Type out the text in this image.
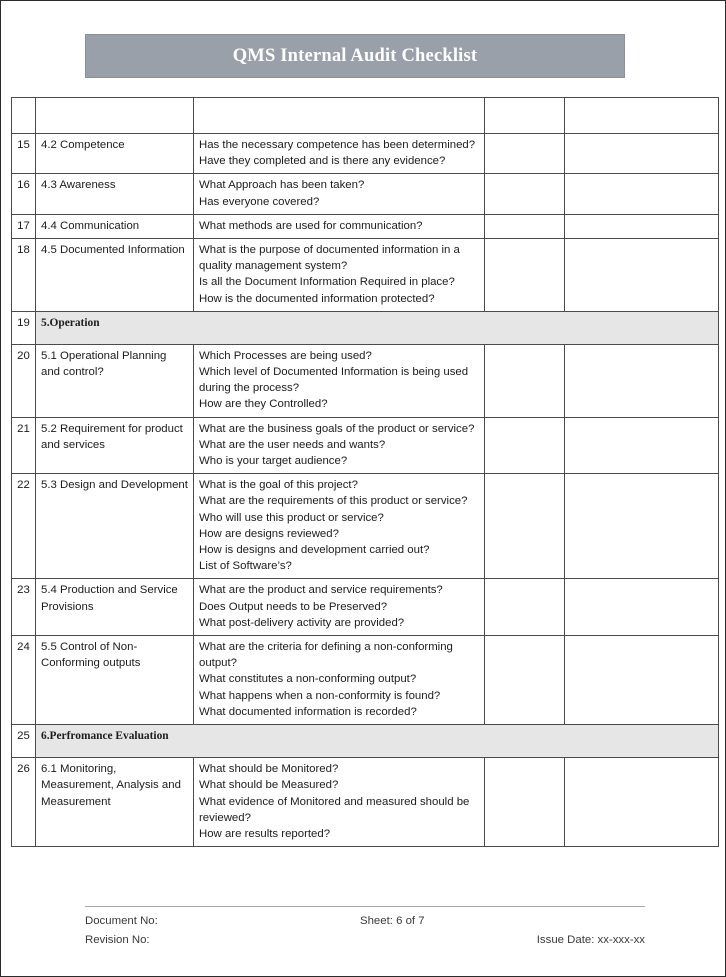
QMS Internal Audit Checklist

15	4.2 Competence	Has the necessary competence has been determined?
Have they completed and is there any evidence?		

16	4.3 Awareness	What Approach has been taken?
Has everyone covered?		

17	4.4 Communication	What methods are used for communication?		

18	4.5 Documented Information	What is the purpose of documented information in a quality management system?
Is all the Document Information Required in place?
How is the documented information protected?		

19	5.Operation			
20	5.1 Operational Planning and control?	Which Processes are being used?
Which level of Documented Information is being used during the process?
How are they Controlled?		

21	5.2 Requirement for product and services	What are the business goals of the product or service?
What are the user needs and wants?
Who is your target audience?		

22	5.3 Design and Development	What is the goal of this project?
What are the requirements of this product or service?
Who will use this product or service?
How are designs reviewed?
How is designs and development carried out?
List of Software’s?

23	5.4 Production and Service Provisions	What are the product and service requirements?
Does Output needs to be Preserved?
What post-delivery activity are provided?		

24	5.5 Control of Non-Conforming outputs	What are the criteria for defining a non-conforming output?
What constitutes a non-conforming output?
What happens when a non-conformity is found?
What documented information is recorded?		

25	6.Perfromance Evaluation			
26	6.1 Monitoring, Measurement, Analysis and Measurement	What should be Monitored?
What should be Measured?
What evidence of Monitored and measured should be reviewed?
How are results reported?		

Document No:	Sheet: 6 of 7
Revision No:	Issue Date: xx-xxx-xx
